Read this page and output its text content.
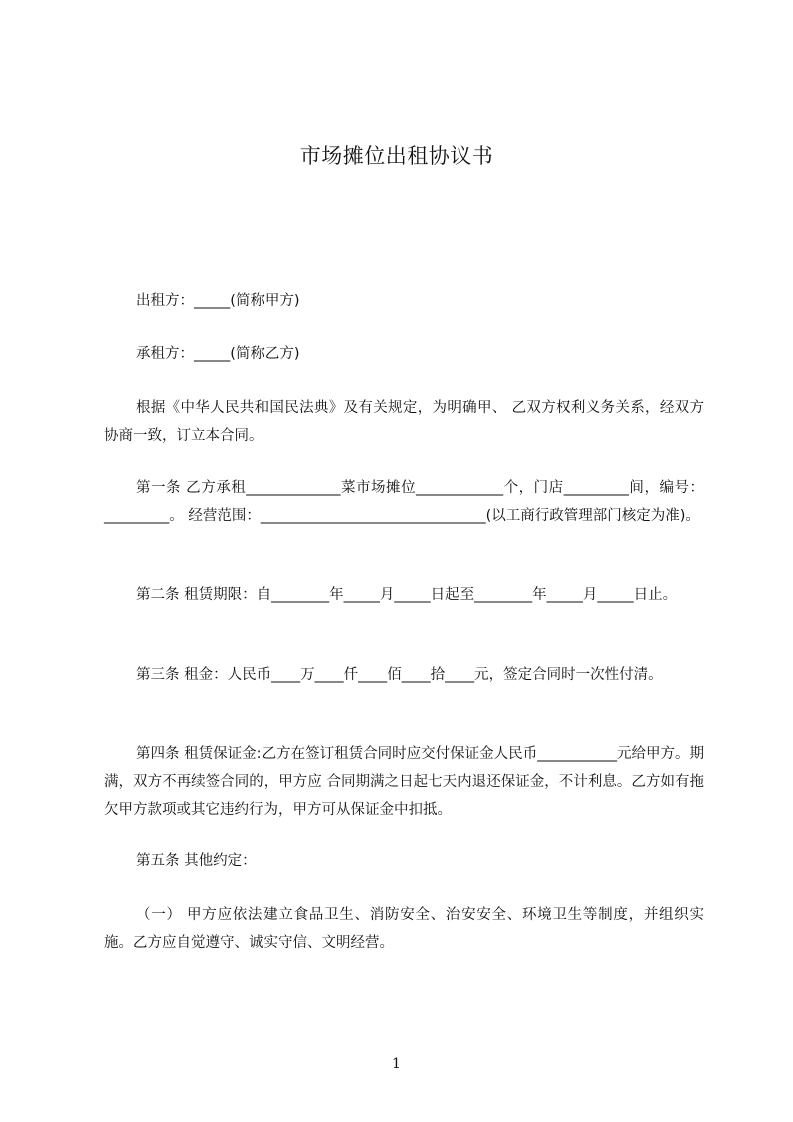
市场摊位出租协议书
出租方：_____(简称甲方)
承租方：_____(简称乙方)
根据《中华人民共和国民法典》及有关规定，为明确甲、 乙双方权利义务关系，经双方协商一致，订立本合同。
第一条 乙方承租_____________菜市场摊位____________个，门店_________间，编号：_________。 经营范围：_______________________________(以工商行政管理部门核定为准)。
第二条 租赁期限：自________年_____月_____日起至________年_____月_____日止。
第三条 租金：人民币____万____仟____佰____拾____元，签定合同时一次性付清。
第四条 租赁保证金:乙方在签订租赁合同时应交付保证金人民币___________元给甲方。期满，双方不再续签合同的，甲方应 合同期满之日起七天内退还保证金，不计利息。乙方如有拖欠甲方款项或其它违约行为，甲方可从保证金中扣抵。
第五条 其他约定：
（一） 甲方应依法建立食品卫生、消防安全、治安安全、环境卫生等制度，并组织实施。乙方应自觉遵守、诚实守信、文明经营。
1
